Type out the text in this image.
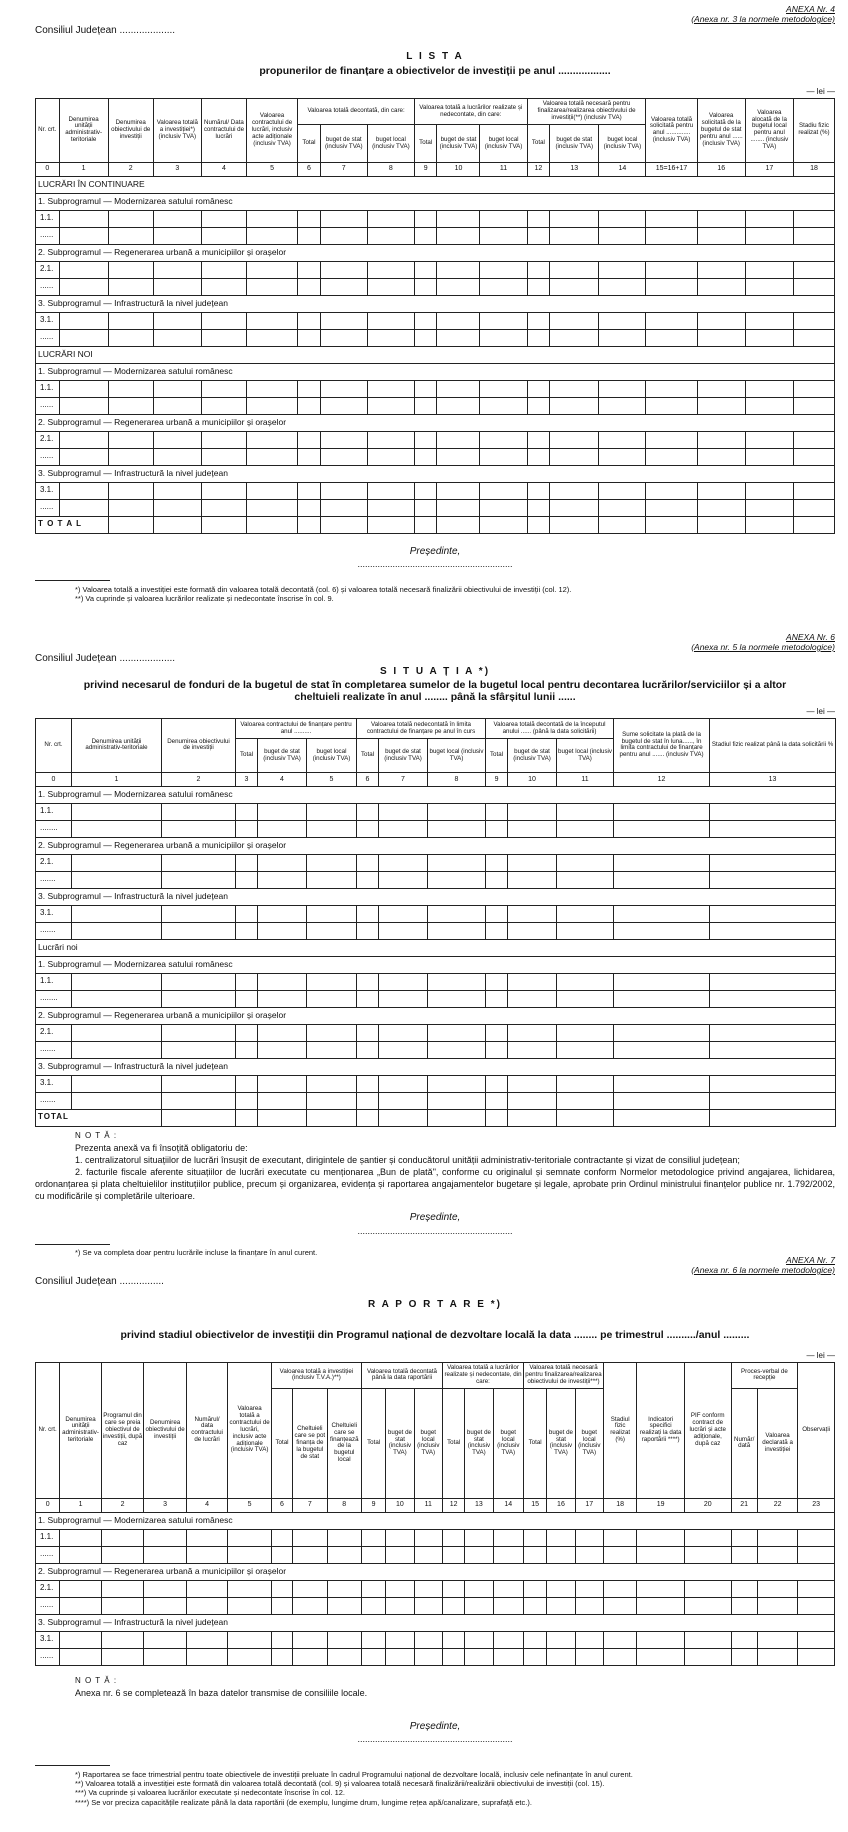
ANEXA Nr. 4
(Anexa nr. 3 la normele metodologice)
Consiliul Județean ....................
L I S T A
propunerilor de finanțare a obiectivelor de investiții pe anul ..................
— lei —
Nr. crt.	Denumirea unității administrativ-teritoriale	Denumirea obiectivului de investiții	Valoarea totală a investiției*) (inclusiv TVA)	Numărul/ Data contractului de lucrări	Valoarea contractului de lucrări, inclusiv acte adiționale (inclusiv TVA)	Valoarea totală decontată, din care:			Valoarea totală a lucrărilor realizate și nedecontate, din care:			Valoarea totală necesară pentru finalizarea/realizarea obiectivului de investiții(**) (inclusiv TVA)			Valoarea totală solicitată pentru anul .............. (inclusiv TVA)	Valoarea solicitată de la bugetul de stat pentru anul ...... (inclusiv TVA)	Valoarea alocată de la bugetul local pentru anul ........ (inclusiv TVA)	Stadiu fizic realizat (%)
						Total	buget de stat (inclusiv TVA)	buget local (inclusiv TVA)	Total	buget de stat (inclusiv TVA)	buget local (inclusiv TVA)	Total	buget de stat (inclusiv TVA)	buget local (inclusiv TVA)				
0	1	2	3	4	5	6	7	8	9	10	11	12	13	14	15=16+17	16	17	18
LUCRĂRI ÎN CONTINUARE																		
1. Subprogramul — Modernizarea satului românesc																		
1.1.																		
......																		
2. Subprogramul — Regenerarea urbană a municipiilor și orașelor																		
2.1.																		
......																		
3. Subprogramul — Infrastructură la nivel județean																		
3.1.																		
......																		
LUCRĂRI NOI																		
1. Subprogramul — Modernizarea satului românesc																		
1.1.																		
......																		
2. Subprogramul — Regenerarea urbană a municipiilor și orașelor																		
2.1.																		
......																		
3. Subprogramul — Infrastructură la nivel județean																		
3.1.																		
......																		
T O T A L																		
Președinte,
..............................................................
*) Valoarea totală a investiției este formată din valoarea totală decontată (col. 6) și valoarea totală necesară finalizării obiectivului de investiții (col. 12).
**) Va cuprinde și valoarea lucrărilor realizate și nedecontate înscrise în col. 9.
ANEXA Nr. 6
(Anexa nr. 5 la normele metodologice)
Consiliul Județean ....................
S I T U A Ț I A *)
privind necesarul de fonduri de la bugetul de stat în completarea sumelor de la bugetul local pentru decontarea lucrărilor/serviciilor și a altor cheltuieli realizate în anul ........ până la sfârșitul lunii ......
— lei —
Nr. crt.	Denumirea unității administrativ-teritoriale	Denumirea obiectivului de investiții	Valoarea contractului de finanțare pentru anul ..........			Valoarea totală nedecontată în limita contractului de finanțare pe anul în curs			Valoarea totală decontată de la începutul anului ...... (până la data solicitării)			Sume solicitate la plată de la bugetul de stat în luna......, în limita contractului de finanțare pentru anul ....... (inclusiv TVA)	Stadiul fizic realizat până la data solicitării %
			Total	buget de stat (inclusiv TVA)	buget local (inclusiv TVA)	Total	buget de stat (inclusiv TVA)	buget local (inclusiv TVA)	Total	buget de stat (inclusiv TVA)	buget local (inclusiv TVA)		
0	1	2	3	4	5	6	7	8	9	10	11	12	13
1. Subprogramul — Modernizarea satului românesc													
1.1.													
........													
2. Subprogramul — Regenerarea urbană a municipiilor și orașelor													
2.1.													
.......													
3. Subprogramul — Infrastructură la nivel județean													
3.1.													
.......													
Lucrări noi													
1. Subprogramul — Modernizarea satului românesc													
1.1.													
........													
2. Subprogramul — Regenerarea urbană a municipiilor și orașelor													
2.1.													
.......													
3. Subprogramul — Infrastructură la nivel județean													
3.1.													
.......													
TOTAL													
N O T Ă :

Prezenta anexă va fi însoțită obligatoriu de:

1. centralizatorul situațiilor de lucrări însușit de executant, dirigintele de șantier și conducătorul unității administrativ-teritoriale contractante și vizat de consiliul județean;

2. facturile fiscale aferente situațiilor de lucrări executate cu menționarea „Bun de plată", conforme cu originalul și semnate conform Normelor metodologice privind angajarea, lichidarea, ordonanțarea și plata cheltuielilor instituțiilor publice, precum și organizarea, evidența și raportarea angajamentelor bugetare și legale, aprobate prin Ordinul ministrului finanțelor publice nr. 1.792/2002, cu modificările și completările ulterioare.

Președinte,
..............................................................
*) Se va completa doar pentru lucrările incluse la finanțare în anul curent.
ANEXA Nr. 7
(Anexa nr. 6 la normele metodologice)
Consiliul Județean ................
R A P O R T A R E *)
privind stadiul obiectivelor de investiții din Programul național de dezvoltare locală la data ........ pe trimestrul ........../anul .........
— lei —
Nr. crt.	Denumirea unității administrativ-teritoriale	Programul din care se preia obiectivul de investiții, după caz	Denumirea obiectivului de investiții	Numărul/ data contractului de lucrări	Valoarea totală a contractului de lucrări, inclusiv acte adiționale (inclusiv TVA)	Valoarea totală a investiției (inclusiv T.V.A.)**)			Valoarea totală decontată până la data raportării			Valoarea totală a lucrărilor realizate și nedecontate, din care:			Valoarea totală necesară pentru finalizarea/realizarea obiectivului de investiții***)			Stadiul fizic realizat (%)	Indicatori specifici realizați la data raportării ****)	PIF conform contract de lucrări și acte adiționale, după caz	Proces-verbal de recepție		Observații
						Total	Cheltuieli care se pot finanța de la bugetul de stat	Cheltuieli care se finanțează de la bugetul local	Total	buget de stat (inclusiv TVA)	buget local (inclusiv TVA)	Total	buget de stat (inclusiv TVA)	buget local (inclusiv TVA)	Total	buget de stat (inclusiv TVA)	buget local (inclusiv TVA)				Număr/ dată	Valoarea declarată a investiției	
0	1	2	3	4	5	6	7	8	9	10	11	12	13	14	15	16	17	18	19	20	21	22	23
1. Subprogramul — Modernizarea satului românesc																							
1.1.																							
......																							
2. Subprogramul — Regenerarea urbană a municipiilor și orașelor																							
2.1.																							
......																							
3. Subprogramul — Infrastructură la nivel județean																							
3.1.																							
......																							
N O T Ă :

Anexa nr. 6 se completează în baza datelor transmise de consiliile locale.

Președinte,
..............................................................
*) Raportarea se face trimestrial pentru toate obiectivele de investiții preluate în cadrul Programului național de dezvoltare locală, inclusiv cele nefinanțate în anul curent.
**) Valoarea totală a investiției este formată din valoarea totală decontată (col. 9) și valoarea totală necesară finalizării/realizării obiectivului de investiții (col. 15).
***) Va cuprinde și valoarea lucrărilor executate și nedecontate înscrise în col. 12.
****) Se vor preciza capacitățile realizate până la data raportării (de exemplu, lungime drum, lungime rețea apă/canalizare, suprafață etc.).
